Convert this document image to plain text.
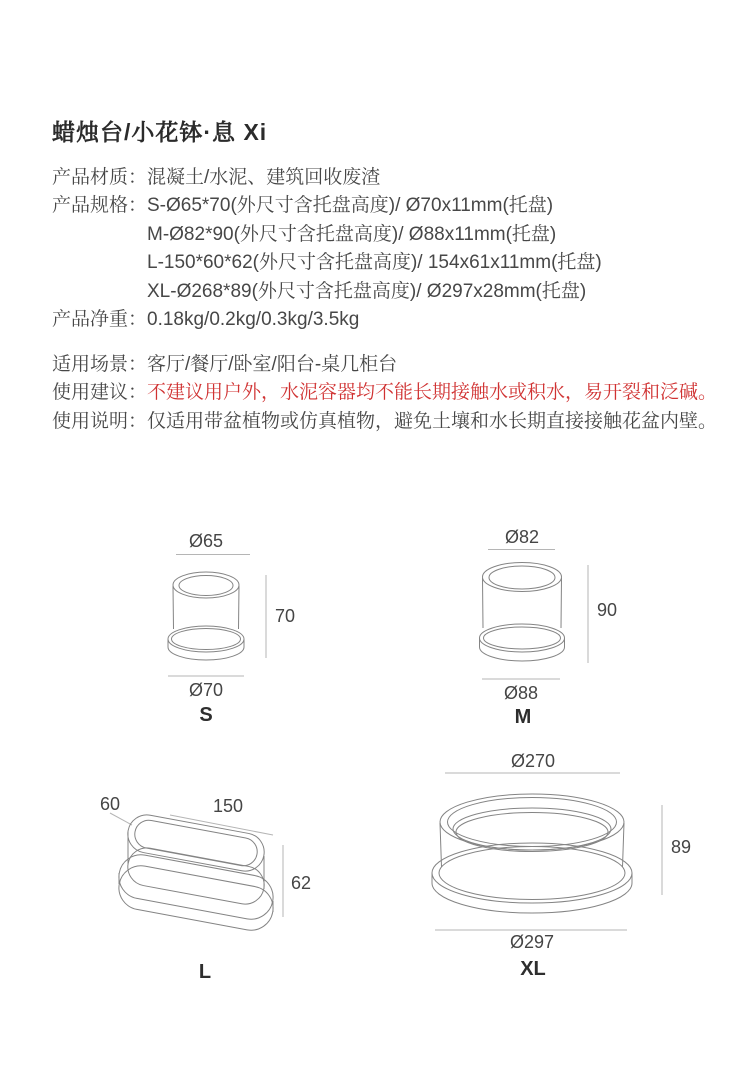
蜡烛台/小花钵·息 Xi
产品材质： 混凝土/水泥、建筑回收废渣
产品规格： S-Ø65*70(外尺寸含托盘高度)/ Ø70x11mm(托盘)
M-Ø82*90(外尺寸含托盘高度)/ Ø88x11mm(托盘)
L-150*60*62(外尺寸含托盘高度)/ 154x61x11mm(托盘)
XL-Ø268*89(外尺寸含托盘高度)/ Ø297x28mm(托盘)
产品净重： 0.18kg/0.2kg/0.3kg/3.5kg
适用场景： 客厅/餐厅/卧室/阳台-桌几柜台
使用建议： 不建议用户外，水泥容器均不能长期接触水或积水，易开裂和泛碱。
使用说明： 仅适用带盆植物或仿真植物，避免土壤和水长期直接接触花盆内壁。
Ø65
70
Ø70
S
Ø82
90
Ø88
M
60	150
62
L
Ø270
89
Ø297
XL
